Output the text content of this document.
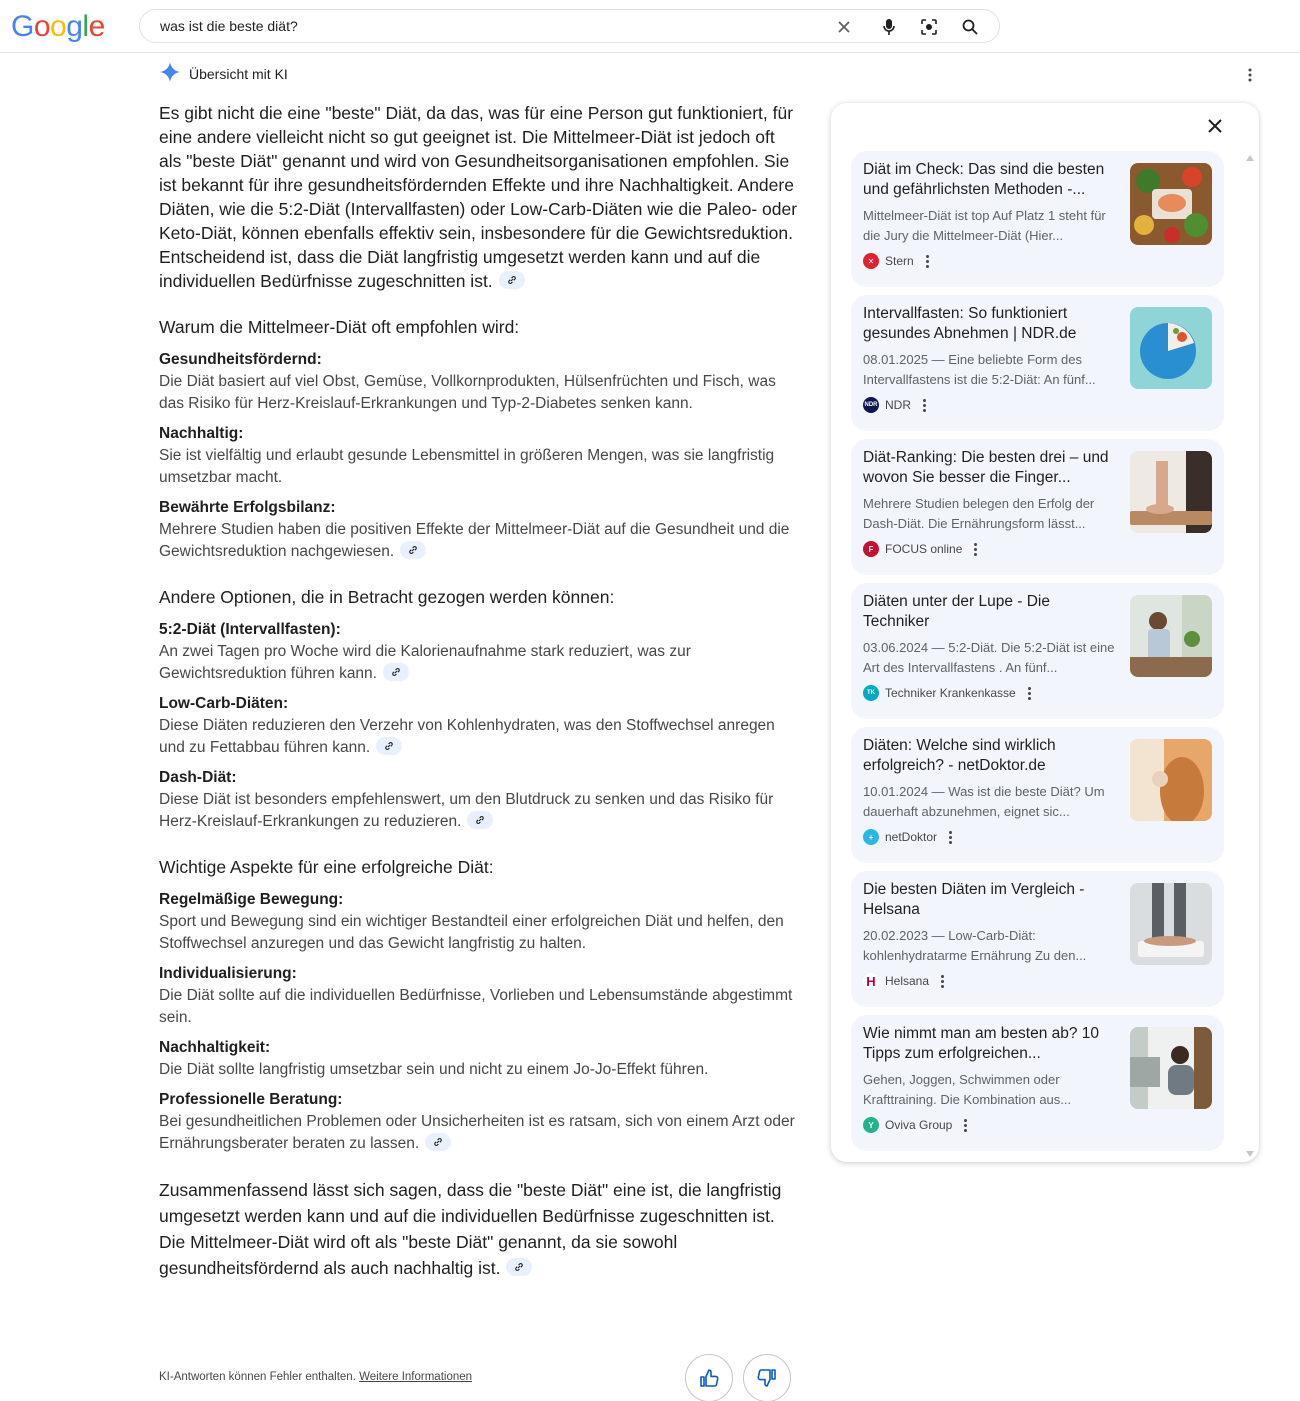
Google	was ist die beste diät?
Übersicht mit KI
Es gibt nicht die eine "beste" Diät, da das, was für eine Person gut funktioniert, für eine andere vielleicht nicht so gut geeignet ist. Die Mittelmeer-Diät ist jedoch oft als "beste Diät" genannt und wird von Gesundheitsorganisationen empfohlen. Sie ist bekannt für ihre gesundheitsfördernden Effekte und ihre Nachhaltigkeit. Andere Diäten, wie die 5:2-Diät (Intervallfasten) oder Low-Carb-Diäten wie die Paleo- oder Keto-Diät, können ebenfalls effektiv sein, insbesondere für die Gewichtsreduktion. Entscheidend ist, dass die Diät langfristig umgesetzt werden kann und auf die individuellen Bedürfnisse zugeschnitten ist.
Warum die Mittelmeer-Diät oft empfohlen wird:
Gesundheitsfördernd:
Die Diät basiert auf viel Obst, Gemüse, Vollkornprodukten, Hülsenfrüchten und Fisch, was das Risiko für Herz-Kreislauf-Erkrankungen und Typ-2-Diabetes senken kann.
Nachhaltig:
Sie ist vielfältig und erlaubt gesunde Lebensmittel in größeren Mengen, was sie langfristig umsetzbar macht.
Bewährte Erfolgsbilanz:
Mehrere Studien haben die positiven Effekte der Mittelmeer-Diät auf die Gesundheit und die Gewichtsreduktion nachgewiesen.
Andere Optionen, die in Betracht gezogen werden können:
5:2-Diät (Intervallfasten):
An zwei Tagen pro Woche wird die Kalorienaufnahme stark reduziert, was zur Gewichtsreduktion führen kann.
Low-Carb-Diäten:
Diese Diäten reduzieren den Verzehr von Kohlenhydraten, was den Stoffwechsel anregen und zu Fettabbau führen kann.
Dash-Diät:
Diese Diät ist besonders empfehlenswert, um den Blutdruck zu senken und das Risiko für Herz-Kreislauf-Erkrankungen zu reduzieren.
Wichtige Aspekte für eine erfolgreiche Diät:
Regelmäßige Bewegung:
Sport und Bewegung sind ein wichtiger Bestandteil einer erfolgreichen Diät und helfen, den Stoffwechsel anzuregen und das Gewicht langfristig zu halten.
Individualisierung:
Die Diät sollte auf die individuellen Bedürfnisse, Vorlieben und Lebensumstände abgestimmt sein.
Nachhaltigkeit:
Die Diät sollte langfristig umsetzbar sein und nicht zu einem Jo-Jo-Effekt führen.
Professionelle Beratung:
Bei gesundheitlichen Problemen oder Unsicherheiten ist es ratsam, sich von einem Arzt oder Ernährungsberater beraten zu lassen.
Zusammenfassend lässt sich sagen, dass die "beste Diät" eine ist, die langfristig umgesetzt werden kann und auf die individuellen Bedürfnisse zugeschnitten ist. Die Mittelmeer-Diät wird oft als "beste Diät" genannt, da sie sowohl gesundheitsfördernd als auch nachhaltig ist.
KI-Antworten können Fehler enthalten. Weitere Informationen
Diät im Check: Das sind die besten und gefährlichsten Methoden -...
Mittelmeer-Diät ist top Auf Platz 1 steht für die Jury die Mittelmeer-Diät (Hier...
✕ Stern
Intervallfasten: So funktioniert gesundes Abnehmen | NDR.de
08.01.2025 — Eine beliebte Form des Intervallfastens ist die 5:2-Diät: An fünf...
NDR NDR
Diät-Ranking: Die besten drei – und wovon Sie besser die Finger...
Mehrere Studien belegen den Erfolg der Dash-Diät. Die Ernährungsform lässt...
F FOCUS online
Diäten unter der Lupe - Die Techniker
03.06.2024 — 5:2-Diät. Die 5:2-Diät ist eine Art des Intervallfastens . An fünf...
TK Techniker Krankenkasse
Diäten: Welche sind wirklich erfolgreich? - netDoktor.de
10.01.2024 — Was ist die beste Diät? Um dauerhaft abzunehmen, eignet sic...
+ netDoktor
Die besten Diäten im Vergleich - Helsana
20.02.2023 — Low-Carb-Diät: kohlenhydratarme Ernährung Zu den...
H Helsana
Wie nimmt man am besten ab? 10 Tipps zum erfolgreichen...
Gehen, Joggen, Schwimmen oder Krafttraining. Die Kombination aus...
Y Oviva Group
